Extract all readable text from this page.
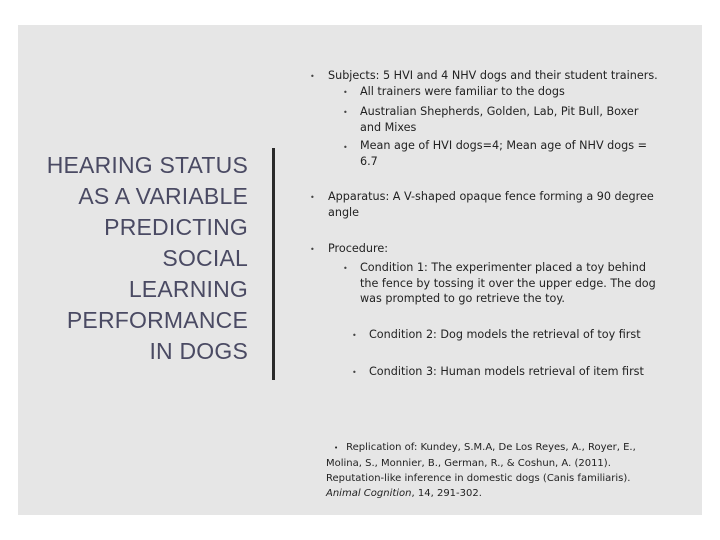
HEARING STATUS AS A VARIABLE PREDICTING SOCIAL LEARNING PERFORMANCE IN DOGS
• Subjects: 5 HVI and 4 NHV dogs and their student trainers.
• All trainers were familiar to the dogs
• Australian Shepherds, Golden, Lab, Pit Bull, Boxer and Mixes
• Mean age of HVI dogs=4; Mean age of NHV dogs = 6.7
• Apparatus: A V-shaped opaque fence forming a 90 degree angle
• Procedure:
• Condition 1: The experimenter placed a toy behind the fence by tossing it over the upper edge. The dog was prompted to go retrieve the toy.
• Condition 2: Dog models the retrieval of toy first
• Condition 3: Human models retrieval of item first
• Replication of: Kundey, S.M.A, De Los Reyes, A., Royer, E., Molina, S., Monnier, B., German, R., & Coshun, A. (2011). Reputation-like inference in domestic dogs (Canis familiaris). Animal Cognition, 14, 291-302.
